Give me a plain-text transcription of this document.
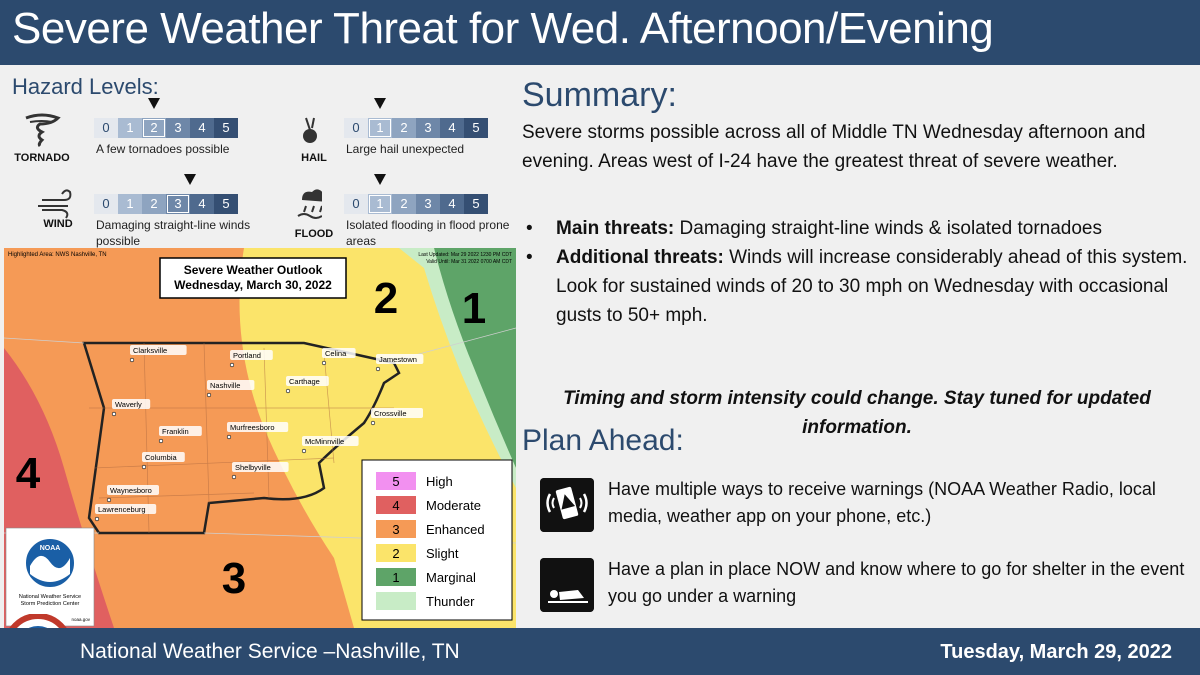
Severe Weather Threat for Wed. Afternoon/Evening
Hazard Levels:
TORNADO
0	1	2	3	4	5
A few tornadoes possible
HAIL
0	1	2	3	4	5
Large hail unexpected
WIND
0	1	2	3	4	5
Damaging straight-line winds possible	FLOOD
0	1	2	3	4	5
Isolated flooding in flood prone areas
Clarksville
Portland	Celina
Jamestown
Carthage
Nashville
Waverly
Franklin	Murfreesboro
Crossville
McMinnville
Columbia
Shelbyville
Waynesboro
Lawrenceburg
1
2
3
4
Highlighted Area: NWS Nashville, TN	Last Updated: Mar 29 2022 1230 PM CDT
Valid Until: Mar 31 2022 0700 AM CDT
Severe Weather Outlook
Wednesday, March 30, 2022
5 High
4 Moderate
3 Enhanced
2 Slight
1 Marginal
Thunder
NOAA
National Weather Service
Storm Prediction Center
noaa.gov
National Weather Service –Nashville, TN	Tuesday, March 29, 2022
Summary:
Severe storms possible across all of Middle TN Wednesday afternoon and evening. Areas west of I-24 have the greatest threat of severe weather.
• Main threats: Damaging straight-line winds & isolated tornadoes
• Additional threats: Winds will increase considerably ahead of this system. Look for sustained winds of 20 to 30 mph on Wednesday with occasional gusts to 50+ mph.
Timing and storm intensity could change. Stay tuned for updated information.
Plan Ahead:
Have multiple ways to receive warnings (NOAA Weather Radio, local media, weather app on your phone, etc.)
Have a plan in place NOW and know where to go for shelter in the event you go under a warning
